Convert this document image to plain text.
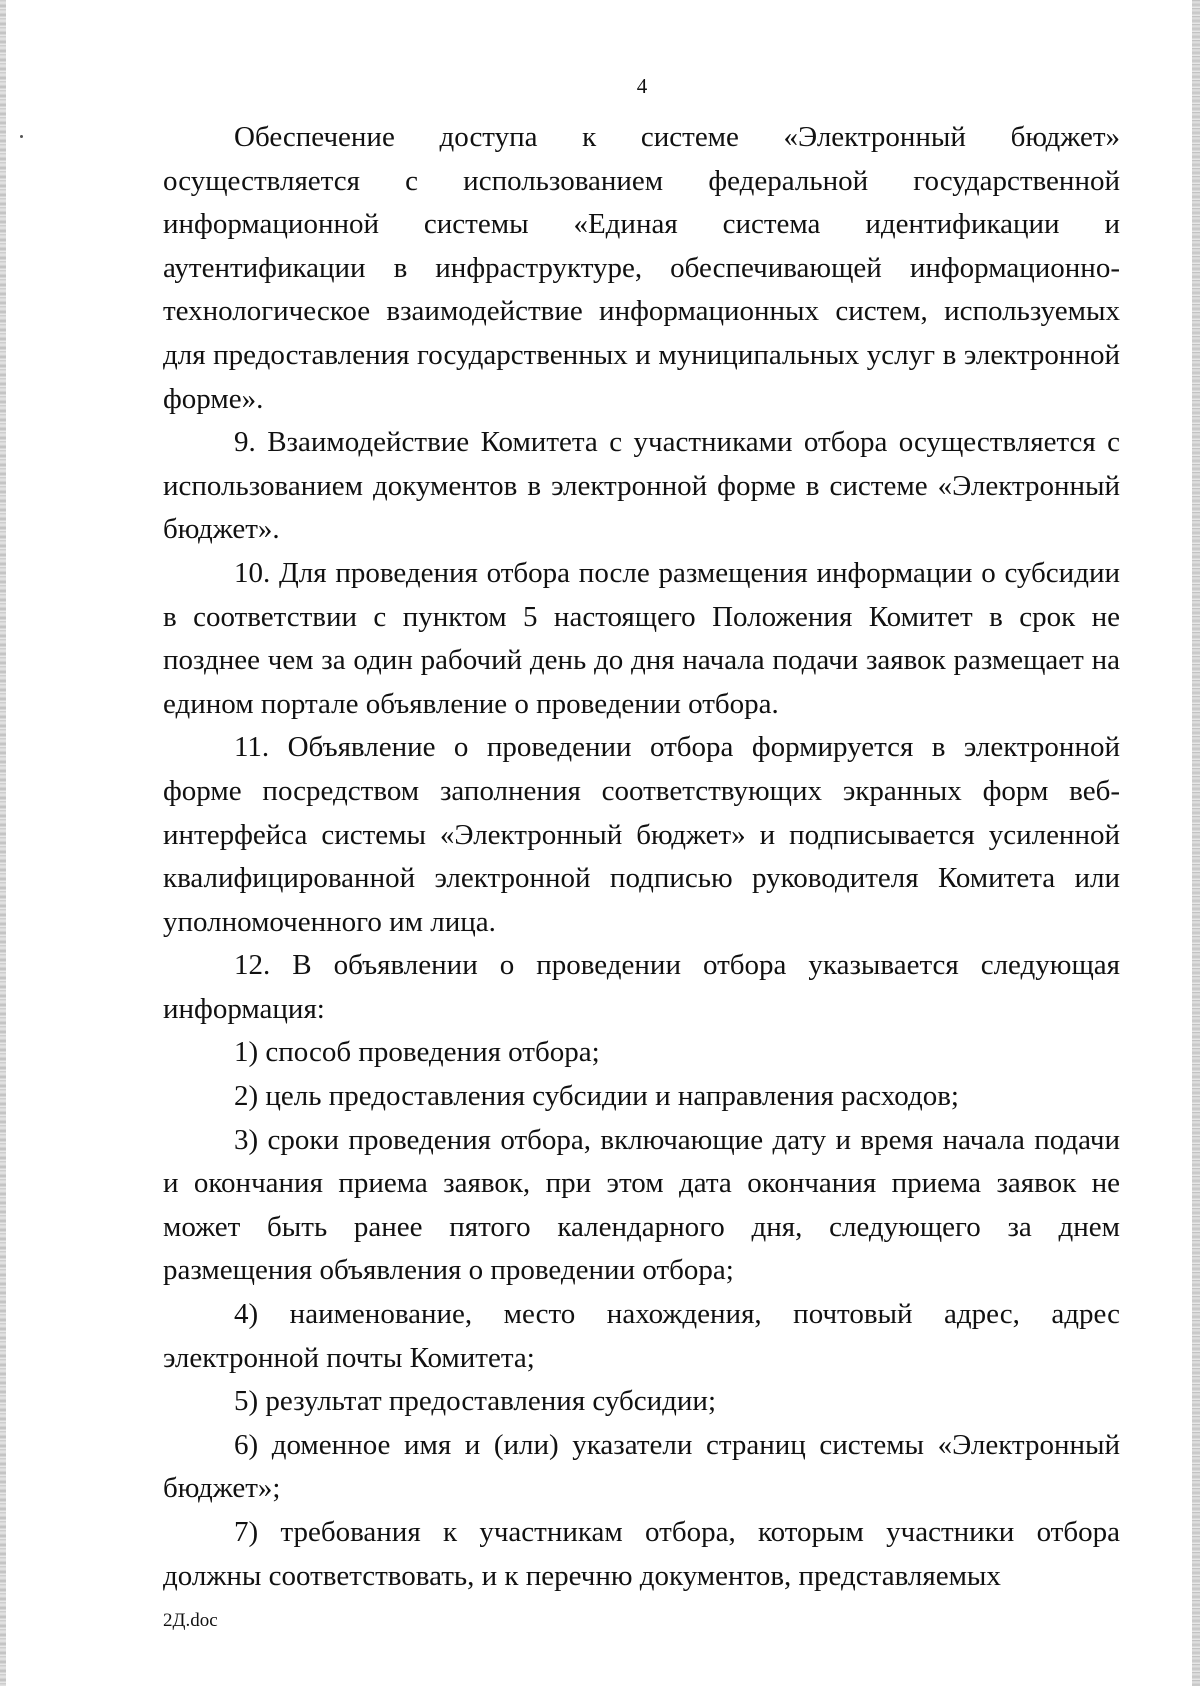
4

Обеспечение доступа к системе «Электронный бюджет» осуществляется с использованием федеральной государственной информационной системы «Единая система идентификации и аутентификации в инфраструктуре, обеспечивающей информационно-технологическое взаимодействие информационных систем, используемых для предоставления государственных и муниципальных услуг в электронной форме».

9. Взаимодействие Комитета с участниками отбора осуществляется с использованием документов в электронной форме в системе «Электронный бюджет».

10. Для проведения отбора после размещения информации о субсидии в соответствии с пунктом 5 настоящего Положения Комитет в срок не позднее чем за один рабочий день до дня начала подачи заявок размещает на едином портале объявление о проведении отбора.

11. Объявление о проведении отбора формируется в электронной форме посредством заполнения соответствующих экранных форм веб-интерфейса системы «Электронный бюджет» и подписывается усиленной квалифицированной электронной подписью руководителя Комитета или уполномоченного им лица.

12. В объявлении о проведении отбора указывается следующая информация:

1) способ проведения отбора;

2) цель предоставления субсидии и направления расходов;

3) сроки проведения отбора, включающие дату и время начала подачи и окончания приема заявок, при этом дата окончания приема заявок не может быть ранее пятого календарного дня, следующего за днем размещения объявления о проведении отбора;

4) наименование, место нахождения, почтовый адрес, адрес электронной почты Комитета;

5) результат предоставления субсидии;

6) доменное имя и (или) указатели страниц системы «Электронный бюджет»;

7) требования к участникам отбора, которым участники отбора должны соответствовать, и к перечню документов, представляемых

2Д.doc
